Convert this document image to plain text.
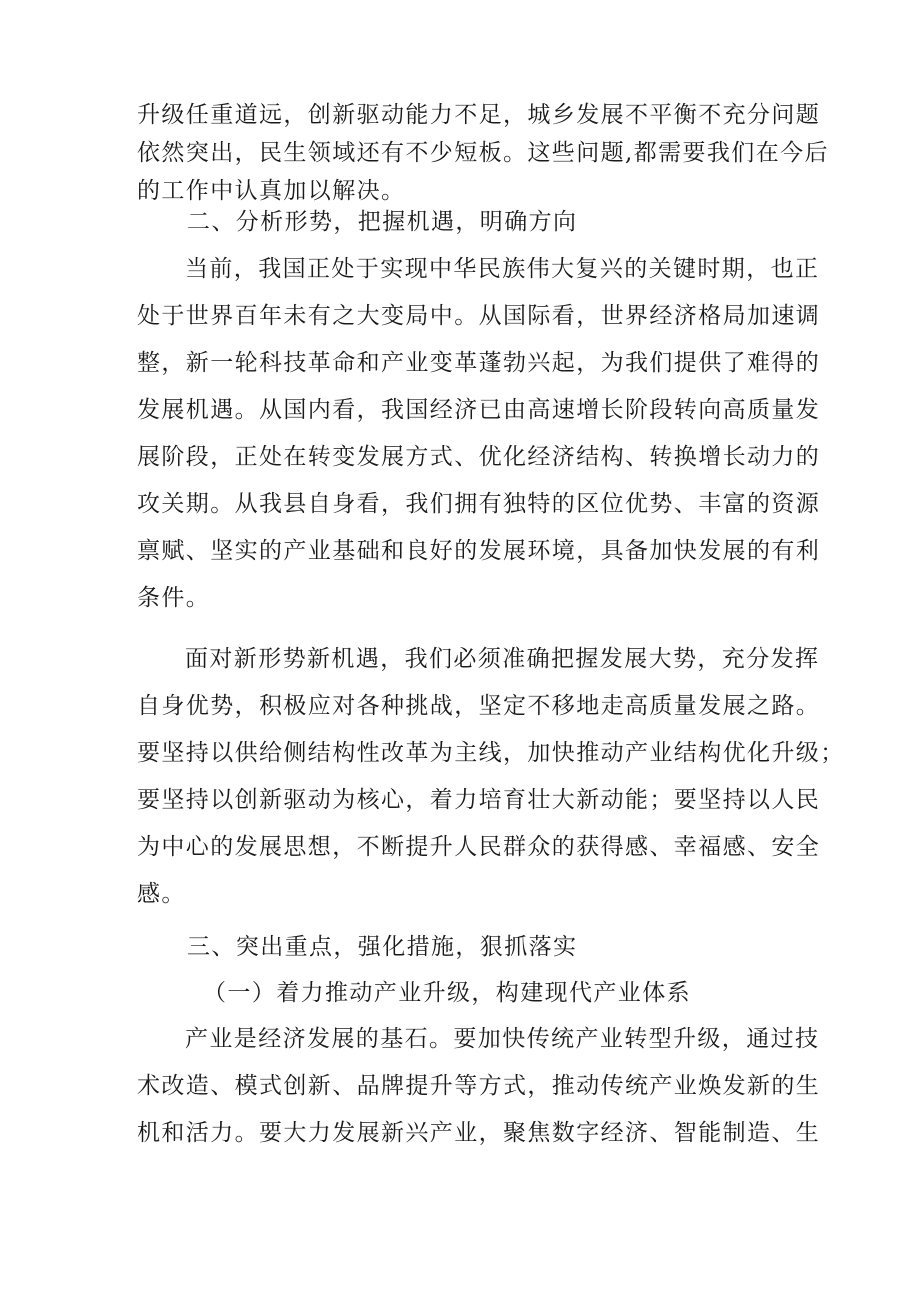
升级任重道远，创新驱动能力不足，城乡发展不平衡不充分问题
依然突出，民生领域还有不少短板。这些问题,都需要我们在今后
的工作中认真加以解决。
二、分析形势，把握机遇，明确方向
当前，我国正处于实现中华民族伟大复兴的关键时期，也正
处于世界百年未有之大变局中。从国际看，世界经济格局加速调
整，新一轮科技革命和产业变革蓬勃兴起，为我们提供了难得的
发展机遇。从国内看，我国经济已由高速增长阶段转向高质量发
展阶段，正处在转变发展方式、优化经济结构、转换增长动力的
攻关期。从我县自身看，我们拥有独特的区位优势、丰富的资源
禀赋、坚实的产业基础和良好的发展环境，具备加快发展的有利
条件。
面对新形势新机遇，我们必须准确把握发展大势，充分发挥
自身优势，积极应对各种挑战，坚定不移地走高质量发展之路。
要坚持以供给侧结构性改革为主线，加快推动产业结构优化升级；
要坚持以创新驱动为核心，着力培育壮大新动能；要坚持以人民
为中心的发展思想，不断提升人民群众的获得感、幸福感、安全
感。
三、突出重点，强化措施，狠抓落实
（一）着力推动产业升级，构建现代产业体系
产业是经济发展的基石。要加快传统产业转型升级，通过技
术改造、模式创新、品牌提升等方式，推动传统产业焕发新的生
机和活力。要大力发展新兴产业，聚焦数字经济、智能制造、生
